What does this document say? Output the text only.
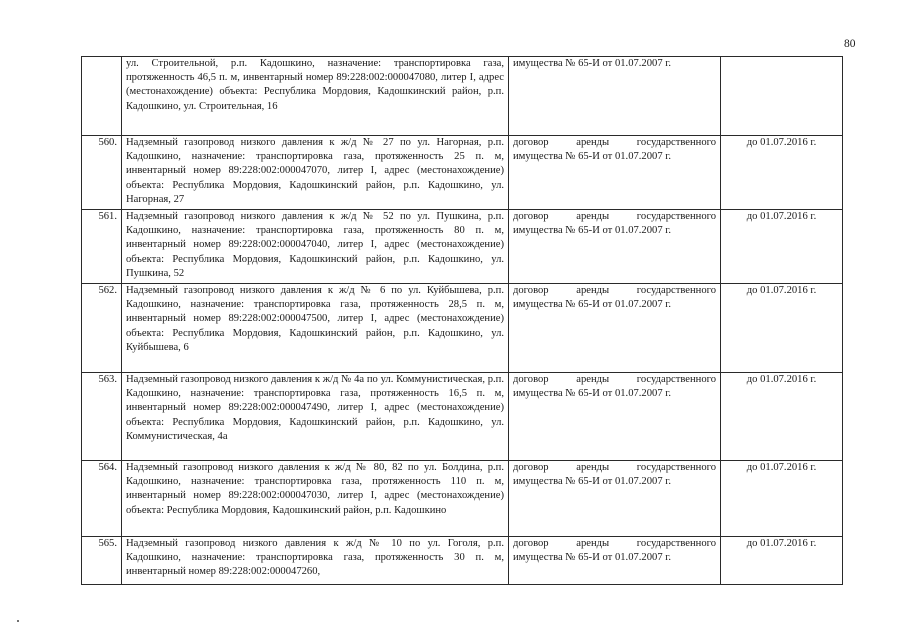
80
	ул. Строительной, р.п. Кадошкино, назначение: транспортировка газа, протяженность 46,5 п. м, инвентарный номер 89:228:002:000047080, литер I, адрес (местонахождение) объекта: Республика Мордовия, Кадошкинский район, р.п. Кадошкино, ул. Строительная, 16	имущества № 65-И от 01.07.2007 г.	
560.	Надземный газопровод низкого давления к ж/д № 27 по ул. Нагорная, р.п. Кадошкино, назначение: транспортировка газа, протяженность 25 п. м, инвентарный номер 89:228:002:000047070, литер I, адрес (местонахождение) объекта: Республика Мордовия, Кадошкинский район, р.п. Кадошкино, ул. Нагорная, 27	договор аренды государственного имущества № 65-И от 01.07.2007 г.	до 01.07.2016 г.
561.	Надземный газопровод низкого давления к ж/д № 52 по ул. Пушкина, р.п. Кадошкино, назначение: транспортировка газа, протяженность 80 п. м, инвентарный номер 89:228:002:000047040, литер I, адрес (местонахождение) объекта: Республика Мордовия, Кадошкинский район, р.п. Кадошкино, ул. Пушкина, 52	договор аренды государственного имущества № 65-И от 01.07.2007 г.	до 01.07.2016 г.
562.	Надземный газопровод низкого давления к ж/д № 6 по ул. Куйбышева, р.п. Кадошкино, назначение: транспортировка газа, протяженность 28,5 п. м, инвентарный номер 89:228:002:000047500, литер I, адрес (местонахождение) объекта: Республика Мордовия, Кадошкинский район, р.п. Кадошкино, ул. Куйбышева, 6	договор аренды государственного имущества № 65-И от 01.07.2007 г.	до 01.07.2016 г.
563.	Надземный газопровод низкого давления к ж/д № 4а по ул. Коммунистическая, р.п. Кадошкино, назначение: транспортировка газа, протяженность 16,5 п. м, инвентарный номер 89:228:002:000047490, литер I, адрес (местонахождение) объекта: Республика Мордовия, Кадошкинский район, р.п. Кадошкино, ул. Коммунистическая, 4а	договор аренды государственного имущества № 65-И от 01.07.2007 г.	до 01.07.2016 г.
564.	Надземный газопровод низкого давления к ж/д № 80, 82 по ул. Болдина, р.п. Кадошкино, назначение: транспортировка газа, протяженность 110 п. м, инвентарный номер 89:228:002:000047030, литер I, адрес (местонахождение) объекта: Республика Мордовия, Кадошкинский район, р.п. Кадошкино	договор аренды государственного имущества № 65-И от 01.07.2007 г.	до 01.07.2016 г.
565.	Надземный газопровод низкого давления к ж/д № 10 по ул. Гоголя, р.п. Кадошкино, назначение: транспортировка газа, протяженность 30 п. м, инвентарный номер 89:228:002:000047260,	договор аренды государственного имущества № 65-И от 01.07.2007 г.	до 01.07.2016 г.
